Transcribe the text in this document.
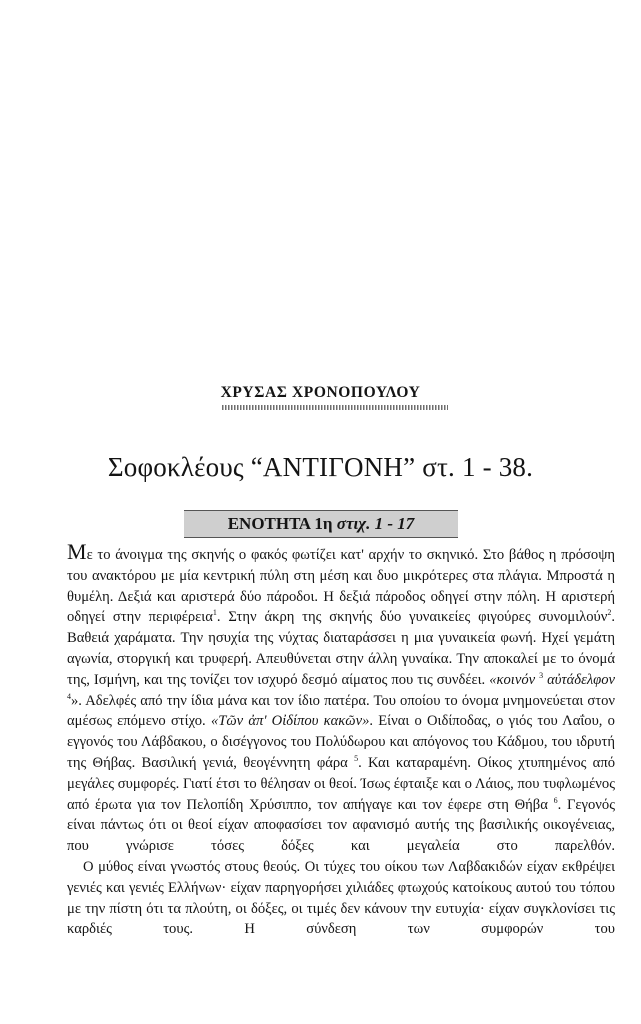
ΧΡΥΣΑΣ ΧΡΟΝΟΠΟΥΛΟΥ
Σοφοκλέους “ΑΝΤΙΓΟΝΗ” στ. 1 - 38.
ΕΝΟΤΗΤΑ 1η στιχ. 1 - 17

Με το άνοιγμα της σκηνής ο φακός φωτίζει κατ' αρχήν το σκηνικό. Στο βάθος η πρόσοψη του ανακτόρου με μία κεντρική πύλη στη μέση και δυο μικρότερες στα πλάγια. Μπροστά η θυμέλη. Δεξιά και αριστερά δύο πάροδοι. Η δεξιά πάροδος οδηγεί στην πόλη. Η αριστερή οδηγεί στην περιφέρεια$^1$. Στην άκρη της σκηνής δύο γυναικείες φιγούρες συνομιλούν$^2$. Βαθειά χαράματα. Την ησυχία της νύχτας διαταράσσει η μια γυναικεία φωνή. Ηχεί γεμάτη αγωνία, στοργική και τρυφερή. Απευθύνεται στην άλλη γυναίκα. Την αποκαλεί με το όνομά της, Ισμήνη, και της τονίζει τον ισχυρό δεσμό αίματος που τις συνδέει. «κοινόν $^3$ αὐτάδελφον $^4$». Αδελφές από την ίδια μάνα και τον ίδιο πατέρα. Του οποίου το όνομα μνημονεύεται στον αμέσως επόμενο στίχο. «Τῶν ἀπ' Οἰδίπου κακῶν». Είναι ο Οιδίποδας, ο γιός του Λαΐου, ο εγγονός του Λάβδακου, ο δισέγγονος του Πολύδωρου και απόγονος του Κάδμου, του ιδρυτή της Θήβας. Βασιλική γενιά, θεογέννητη φάρα $^5$. Και καταραμένη. Οίκος χτυπημένος από μεγάλες συμφορές. Γιατί έτσι το θέλησαν οι θεοί. Ίσως έφταιξε και ο Λάιος, που τυφλωμένος από έρωτα για τον Πελοπίδη Χρύσιππο, τον απήγαγε και τον έφερε στη Θήβα $^6$. Γεγονός είναι πάντως ότι οι θεοί είχαν αποφασίσει τον αφανισμό αυτής της βασιλικής οικογένειας, που γνώρισε τόσες δόξες και μεγαλεία στο παρελθόν.

Ο μύθος είναι γνωστός στους θεούς. Οι τύχες του οίκου των Λαβδακιδών είχαν εκθρέψει γενιές και γενιές Ελλήνων· είχαν παρηγορήσει χιλιάδες φτωχούς κατοίκους αυτού του τόπου με την πίστη ότι τα πλούτη, οι δόξες, οι τιμές δεν κάνουν την ευτυχία· είχαν συγκλονίσει τις καρδιές τους. Η σύνδεση των συμφορών του
